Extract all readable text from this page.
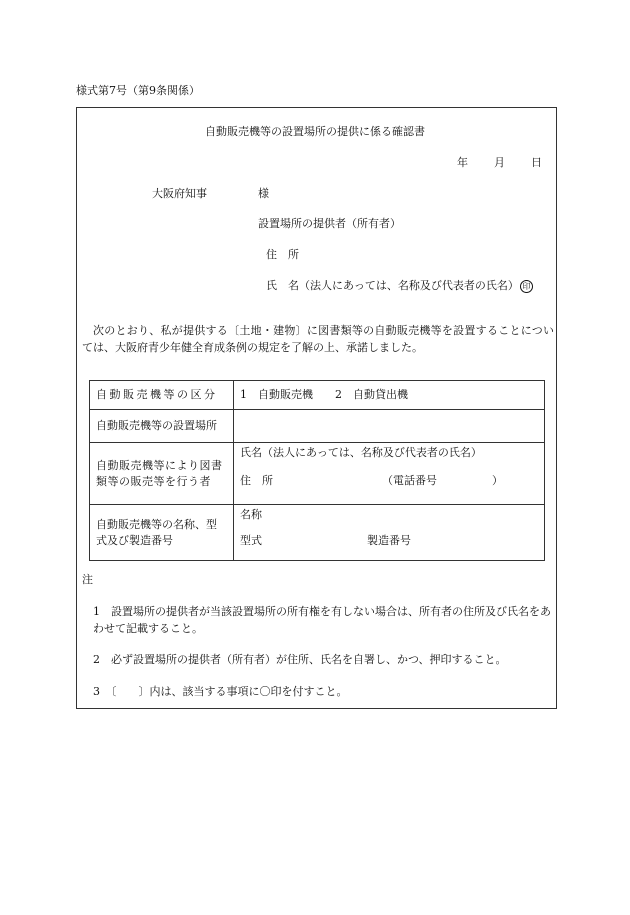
様式第7号（第9条関係）
自動販売機等の設置場所の提供に係る確認書
年 月 日
大阪府知事	様
設置場所の提供者（所有者）
住　所
氏　名（法人にあっては、名称及び代表者の氏名） 印
次のとおり、私が提供する〔土地・建物〕に図書類等の自動販売機等を設置することについては、大阪府青少年健全育成条例の規定を了解の上、承諾しました。
自動販売機等の区分	1　自動販売機　　2　自動貸出機
自動販売機等の設置場所	

自動販売機等により図書類等の販売等を行う者	氏名（法人にあっては、名称及び代表者の氏名）
住　所 （電話番号　　　　　）

自動販売機等の名称、型式及び製造番号	名称
型式 製造番号
注
1　設置場所の提供者が当該設置場所の所有権を有しない場合は、所有者の住所及び氏名をあわせて記載すること。
2　必ず設置場所の提供者（所有者）が住所、氏名を自署し、かつ、押印すること。
3　〔　　〕内は、該当する事項に〇印を付すこと。
